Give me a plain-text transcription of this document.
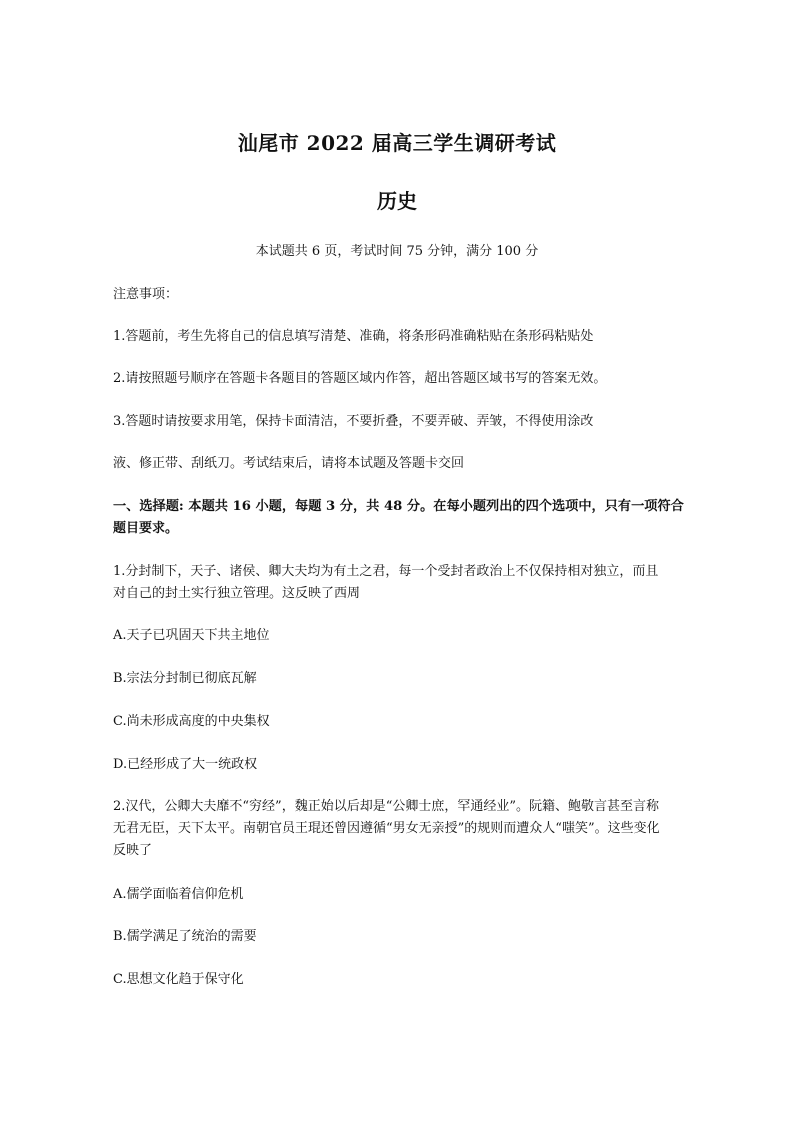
汕尾市 2022 届高三学生调研考试
历史
本试题共 6 页，考试时间 75 分钟，满分 100 分
注意事项：
1.答题前，考生先将自己的信息填写清楚、准确，将条形码准确粘贴在条形码粘贴处
2.请按照题号顺序在答题卡各题目的答题区域内作答，超出答题区域书写的答案无效。
3.答题时请按要求用笔，保持卡面清洁，不要折叠，不要弄破、弄皱，不得使用涂改
液、修正带、刮纸刀。考试结束后，请将本试题及答题卡交回
一、选择题: 本题共 16 小题，每题 3 分，共 48 分。在每小题列出的四个选项中，只有一项符合
题目要求。
1.分封制下，天子、诸侯、卿大夫均为有土之君，每一个受封者政治上不仅保持相对独立，而且
对自己的封土实行独立管理。这反映了西周
A.天子已巩固天下共主地位
B.宗法分封制已彻底瓦解
C.尚未形成高度的中央集权
D.已经形成了大一统政权
2.汉代，公卿大夫靡不“穷经”，魏正始以后却是“公卿士庶，罕通经业”。阮籍、鲍敬言甚至言称
无君无臣，天下太平。南朝官员王琨还曾因遵循“男女无亲授”的规则而遭众人“嗤笑”。这些变化
反映了
A.儒学面临着信仰危机
B.儒学满足了统治的需要
C.思想文化趋于保守化
